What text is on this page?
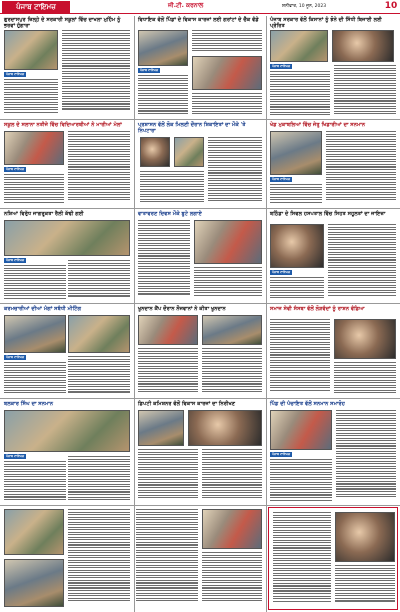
ਪੰਜਾਬ ਟਾਇਮਜ਼	ਜੀ.ਟੀ. ਕਰਨਾਲ	ਸ਼ਨੀਵਾਰ, 10 ਜੂਨ, 2023	10
ਗੁਰਦਾਸਪੁਰ ਜ਼ਿਲ੍ਹੇ ਦੇ ਸਰਕਾਰੀ ਸਕੂਲਾਂ ਵਿੱਚ ਦਾਖਲਾ ਮੁਹਿੰਮ ਨੂੰ ਭਰਵਾਂ ਹੁੰਗਾਰਾ
ਪੰਜਾਬ ਟਾਇਮਜ਼
ਵਿਧਾਇਕ ਵੱਲੋਂ ਪਿੰਡਾਂ ਦੇ ਵਿਕਾਸ ਕਾਰਜਾਂ ਲਈ ਗਰਾਂਟਾਂ ਦੇ ਚੈੱਕ ਵੰਡੇ
ਪੰਜਾਬ ਟਾਇਮਜ਼
ਪੰਜਾਬ ਸਰਕਾਰ ਵੱਲੋਂ ਕਿਸਾਨਾਂ ਨੂੰ ਝੋਨੇ ਦੀ ਸਿੱਧੀ ਬਿਜਾਈ ਲਈ ਪ੍ਰੇਰਿਤ
ਪੰਜਾਬ ਟਾਇਮਜ਼
ਸਕੂਲ ਦੇ ਸਲਾਨਾ ਨਤੀਜੇ ਵਿੱਚ ਵਿਦਿਆਰਥੀਆਂ ਨੇ ਮਾਰੀਆਂ ਮੱਲਾਂ
ਪੰਜਾਬ ਟਾਇਮਜ਼
ਪ੍ਰਸ਼ਾਸਨ ਵੱਲੋਂ ਲੋਕ ਮਿਲਣੀ ਦੌਰਾਨ ਸ਼ਿਕਾਇਤਾਂ ਦਾ ਮੌਕੇ 'ਤੇ ਨਿਪਟਾਰਾ
ਖੇਡ ਮੁਕਾਬਲਿਆਂ ਵਿੱਚ ਜੇਤੂ ਖਿਡਾਰੀਆਂ ਦਾ ਸਨਮਾਨ
ਪੰਜਾਬ ਟਾਇਮਜ਼
ਨਸ਼ਿਆਂ ਵਿਰੁੱਧ ਜਾਗਰੂਕਤਾ ਰੈਲੀ ਕੱਢੀ ਗਈ
ਪੰਜਾਬ ਟਾਇਮਜ਼
ਵਾਤਾਵਰਣ ਦਿਵਸ ਮੌਕੇ ਬੂਟੇ ਲਗਾਏ	ਬਠਿੰਡਾ ਦੇ ਸਿਵਲ ਹਸਪਤਾਲ ਵਿੱਚ ਸਿਹਤ ਸਹੂਲਤਾਂ ਦਾ ਜਾਇਜ਼ਾ
ਪੰਜਾਬ ਟਾਇਮਜ਼
ਕਰਮਚਾਰੀਆਂ ਦੀਆਂ ਮੰਗਾਂ ਸਬੰਧੀ ਮੀਟਿੰਗ
ਪੰਜਾਬ ਟਾਇਮਜ਼
ਖੂਨਦਾਨ ਕੈਂਪ ਦੌਰਾਨ ਨੌਜਵਾਨਾਂ ਨੇ ਕੀਤਾ ਖੂਨਦਾਨ	ਸਮਾਜ ਸੇਵੀ ਸੰਸਥਾ ਵੱਲੋਂ ਲੋੜਵੰਦਾਂ ਨੂੰ ਰਾਸ਼ਨ ਵੰਡਿਆ
ਬਲਕਾਰ ਸਿੰਘ ਦਾ ਸਨਮਾਨ
ਪੰਜਾਬ ਟਾਇਮਜ਼
ਡਿਪਟੀ ਕਮਿਸ਼ਨਰ ਵੱਲੋਂ ਵਿਕਾਸ ਕਾਰਜਾਂ ਦਾ ਨਿਰੀਖਣ	ਪਿੰਡ ਦੀ ਪੰਚਾਇਤ ਵੱਲੋਂ ਸਨਮਾਨ ਸਮਾਰੋਹ
ਪੰਜਾਬ ਟਾਇਮਜ਼
